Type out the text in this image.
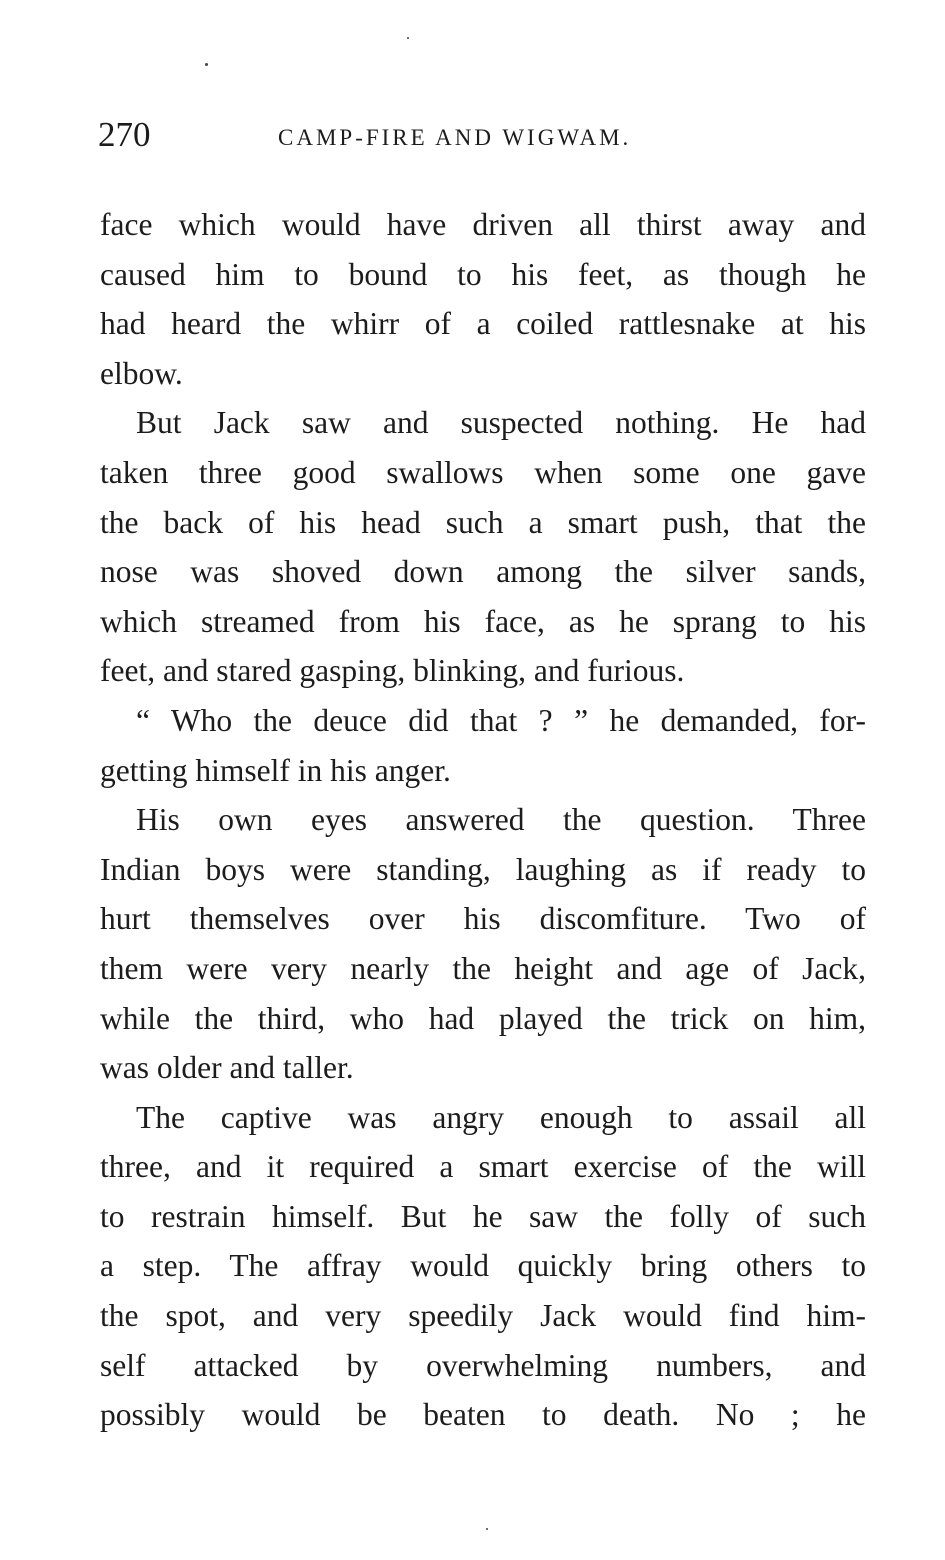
270	CAMP-FIRE AND WIGWAM.
face which would have driven all thirst away and
caused him to bound to his feet, as though he
had heard the whirr of a coiled rattlesnake at his
elbow.
But Jack saw and suspected nothing. He had
taken three good swallows when some one gave
the back of his head such a smart push, that the
nose was shoved down among the silver sands,
which streamed from his face, as he sprang to his
feet, and stared gasping, blinking, and furious.
“ Who the deuce did that ? ” he demanded, for-
getting himself in his anger.
His own eyes answered the question. Three
Indian boys were standing, laughing as if ready to
hurt themselves over his discomfiture. Two of
them were very nearly the height and age of Jack,
while the third, who had played the trick on him,
was older and taller.
The captive was angry enough to assail all
three, and it required a smart exercise of the will
to restrain himself. But he saw the folly of such
a step. The affray would quickly bring others to
the spot, and very speedily Jack would find him-
self attacked by overwhelming numbers, and
possibly would be beaten to death. No ; he
